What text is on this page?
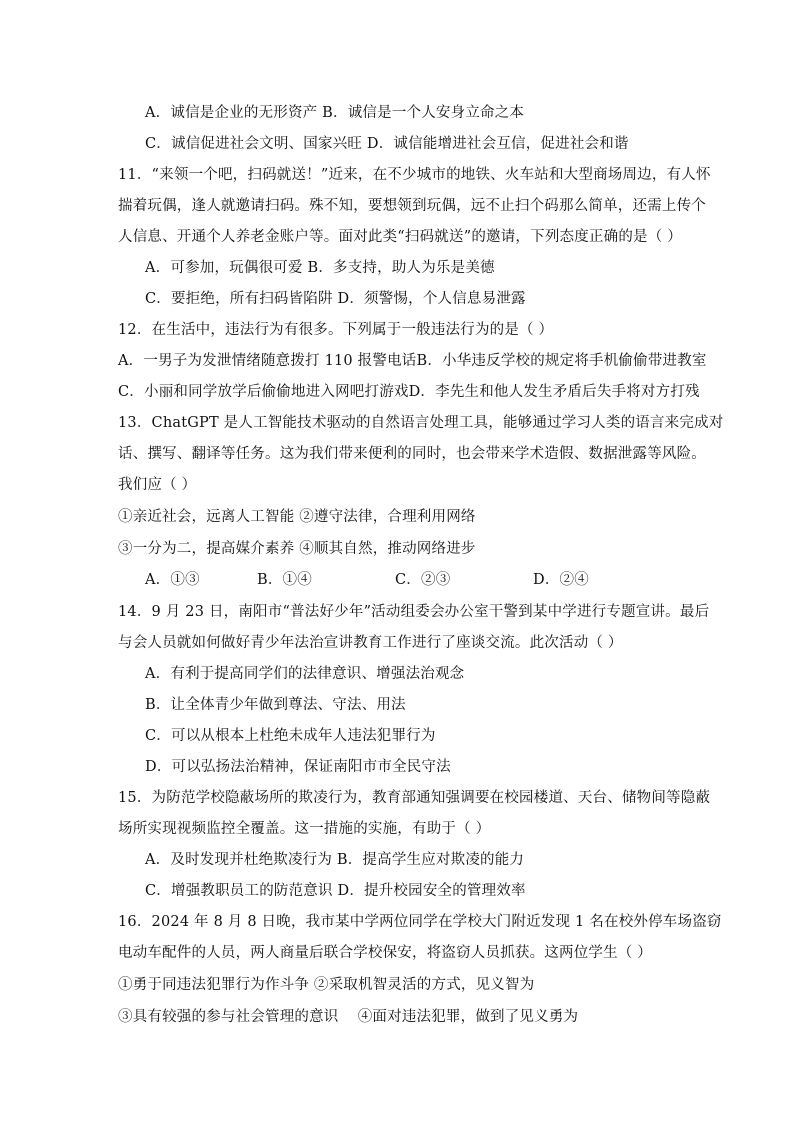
A．诚信是企业的无形资产 B．诚信是一个人安身立命之本
C．诚信促进社会文明、国家兴旺 D．诚信能增进社会互信，促进社会和谐
11．“来领一个吧，扫码就送！”近来，在不少城市的地铁、火车站和大型商场周边，有人怀
揣着玩偶，逢人就邀请扫码。殊不知，要想领到玩偶，远不止扫个码那么简单，还需上传个
人信息、开通个人养老金账户等。面对此类“扫码就送”的邀请，下列态度正确的是（ ）
A．可参加，玩偶很可爱 B．多支持，助人为乐是美德
C．要拒绝，所有扫码皆陷阱 D．须警惕，个人信息易泄露
12．在生活中，违法行为有很多。下列属于一般违法行为的是（ ）
A．一男子为发泄情绪随意拨打 110 报警电话B．小华违反学校的规定将手机偷偷带进教室
C．小丽和同学放学后偷偷地进入网吧打游戏D．李先生和他人发生矛盾后失手将对方打残
13．ChatGPT 是人工智能技术驱动的自然语言处理工具，能够通过学习人类的语言来完成对
话、撰写、翻译等任务。这为我们带来便利的同时，也会带来学术造假、数据泄露等风险。
我们应（ ）
①亲近社会，远离人工智能 ②遵守法律，合理利用网络
③一分为二，提高媒介素养 ④顺其自然，推动网络进步
A．①③	B．①④	C．②③	D．②④
14．9 月 23 日，南阳市“普法好少年”活动组委会办公室干警到某中学进行专题宣讲。最后
与会人员就如何做好青少年法治宣讲教育工作进行了座谈交流。此次活动（ ）
A．有利于提高同学们的法律意识、增强法治观念
B．让全体青少年做到尊法、守法、用法
C．可以从根本上杜绝未成年人违法犯罪行为
D．可以弘扬法治精神，保证南阳市市全民守法
15．为防范学校隐蔽场所的欺凌行为，教育部通知强调要在校园楼道、天台、储物间等隐蔽
场所实现视频监控全覆盖。这一措施的实施，有助于（ ）
A．及时发现并杜绝欺凌行为 B．提高学生应对欺凌的能力
C．增强教职员工的防范意识 D．提升校园安全的管理效率
16．2024 年 8 月 8 日晚，我市某中学两位同学在学校大门附近发现 1 名在校外停车场盗窃
电动车配件的人员，两人商量后联合学校保安，将盗窃人员抓获。这两位学生（ ）
①勇于同违法犯罪行为作斗争 ②采取机智灵活的方式，见义智为
③具有较强的参与社会管理的意识    ④面对违法犯罪，做到了见义勇为
